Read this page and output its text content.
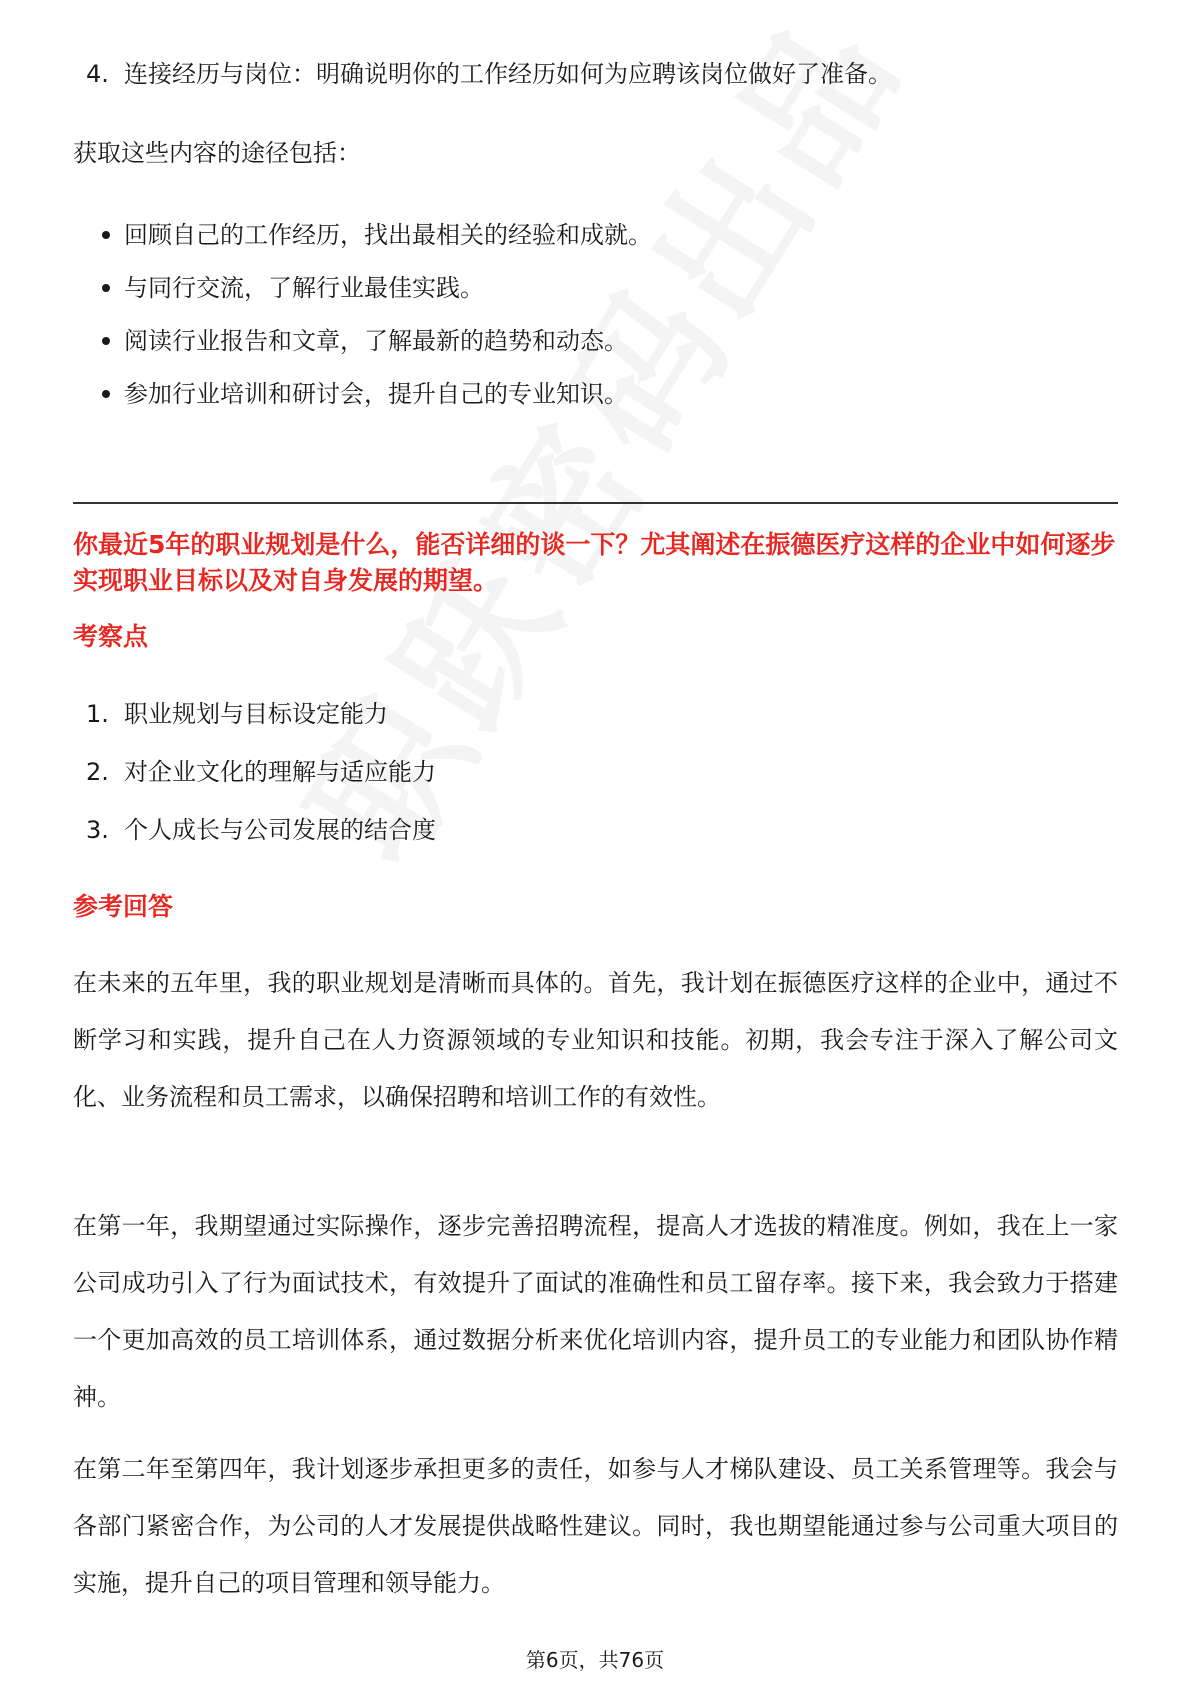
4. 连接经历与岗位：明确说明你的工作经历如何为应聘该岗位做好了准备。
获取这些内容的途径包括：
回顾自己的工作经历，找出最相关的经验和成就。
与同行交流，了解行业最佳实践。
阅读行业报告和文章，了解最新的趋势和动态。
参加行业培训和研讨会，提升自己的专业知识。
你最近5年的职业规划是什么，能否详细的谈一下？尤其阐述在振德医疗这样的企业中如何逐步实现职业目标以及对自身发展的期望。
考察点
1. 职业规划与目标设定能力
2. 对企业文化的理解与适应能力
3. 个人成长与公司发展的结合度
参考回答
在未来的五年里，我的职业规划是清晰而具体的。首先，我计划在振德医疗这样的企业中，通过不断学习和实践，提升自己在人力资源领域的专业知识和技能。初期，我会专注于深入了解公司文化、业务流程和员工需求，以确保招聘和培训工作的有效性。
在第一年，我期望通过实际操作，逐步完善招聘流程，提高人才选拔的精准度。例如，我在上一家公司成功引入了行为面试技术，有效提升了面试的准确性和员工留存率。接下来，我会致力于搭建一个更加高效的员工培训体系，通过数据分析来优化培训内容，提升员工的专业能力和团队协作精神。
在第二年至第四年，我计划逐步承担更多的责任，如参与人才梯队建设、员工关系管理等。我会与各部门紧密合作，为公司的人才发展提供战略性建议。同时，我也期望能通过参与公司重大项目的实施，提升自己的项目管理和领导能力。
第6页，共76页
